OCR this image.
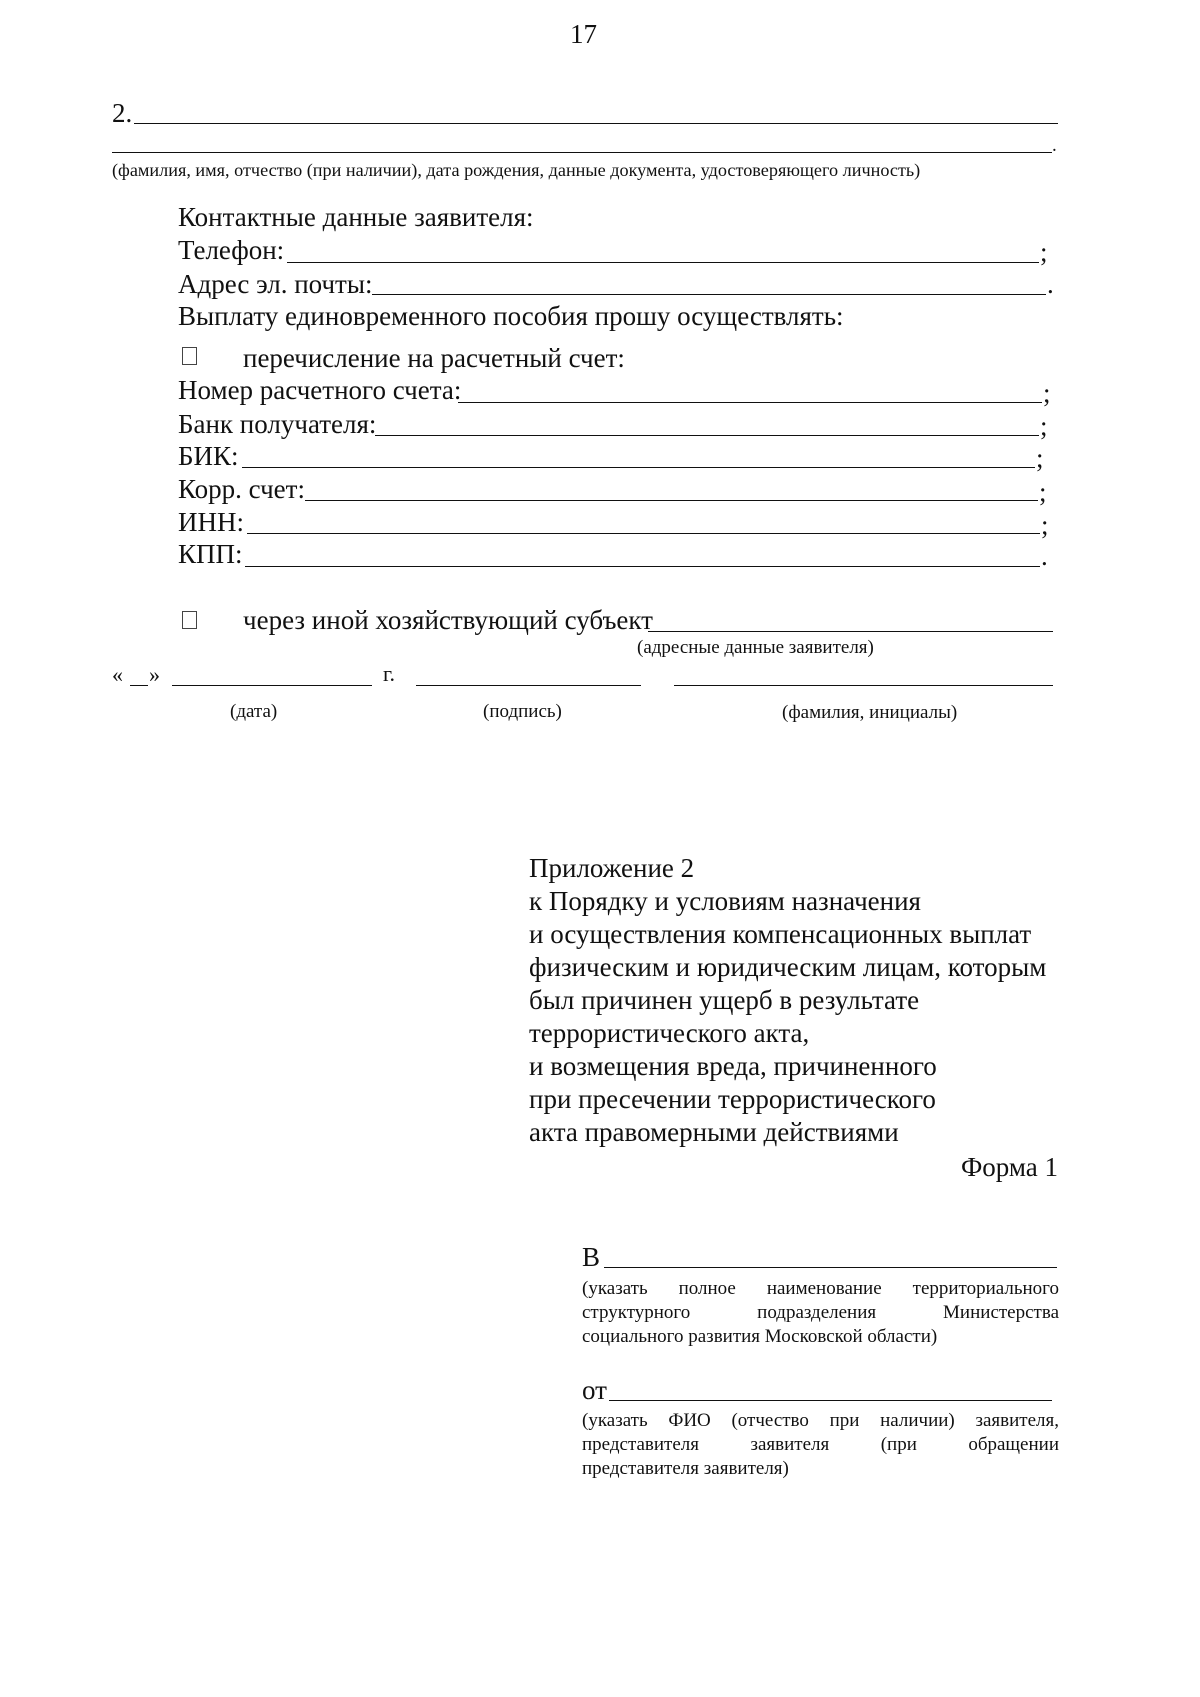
17
2.
.
(фамилия, имя, отчество (при наличии), дата рождения, данные документа, удостоверяющего личность)
Контактные данные заявителя:
Телефон:	;
Адрес эл. почты:	.
Выплату единовременного пособия прошу осуществлять:
перечисление на расчетный счет:
Номер расчетного счета:	;
Банк получателя:	;
БИК:	;
Корр. счет:	;
ИНН:	;
КПП:	.
через иной хозяйствующий субъект
(адресные данные заявителя)
« »	г.
(дата)	(подпись)	(фамилия, инициалы)
Приложение 2
к Порядку и условиям назначения
и осуществления компенсационных выплат
физическим и юридическим лицам, которым
был причинен ущерб в результате
террористического акта,
и возмещения вреда, причиненного
при пресечении террористического
акта правомерными действиями
Форма 1
В
(указать полное наименование территориального
структурного подразделения Министерства
социального развития Московской области)
от
(указать ФИО (отчество при наличии) заявителя,
представителя заявителя (при обращении
представителя заявителя)
